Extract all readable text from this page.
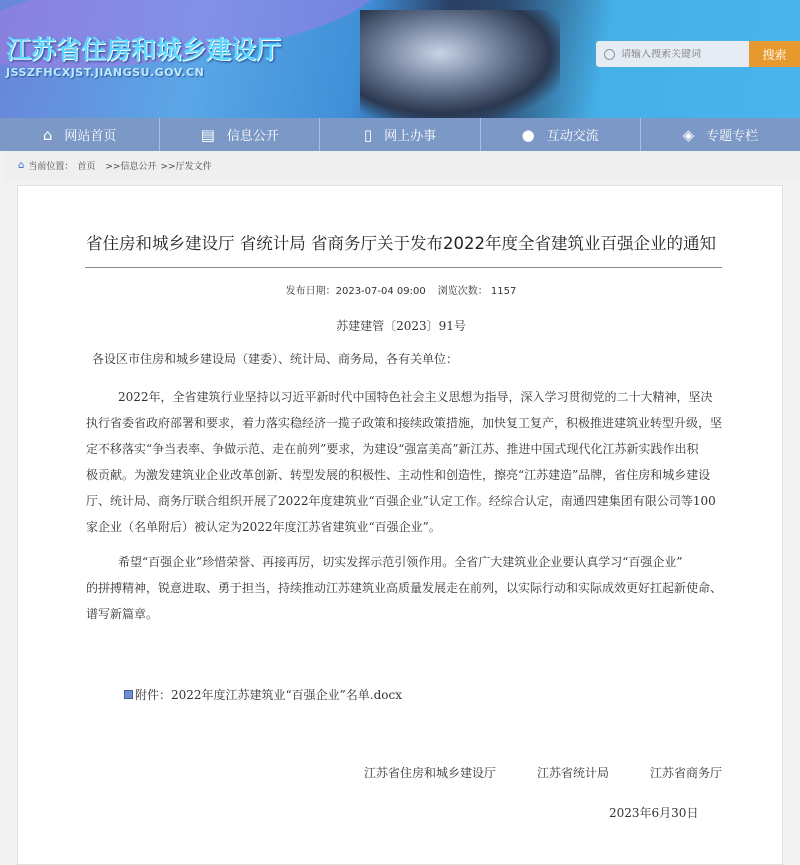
江苏省住房和城乡建设厅
JSSZFHCXJST.JIANGSU.GOV.CN
请输入搜索关键词
搜索
⌂ 网站首页	▤ 信息公开	▯ 网上办事	● 互动交流	◈ 专题专栏
⌂ 当前位置： 首页 >>信息公开 >>厅发文件
省住房和城乡建设厅 省统计局 省商务厅关于发布2022年度全省建筑业百强企业的通知
发布日期：2023-07-04 09:00 浏览次数： 1157
苏建建管〔2023〕91号
各设区市住房和城乡建设局（建委）、统计局、商务局，各有关单位：
2022年，全省建筑行业坚持以习近平新时代中国特色社会主义思想为指导，深入学习贯彻党的二十大精神，坚决
执行省委省政府部署和要求，着力落实稳经济一揽子政策和接续政策措施，加快复工复产，积极推进建筑业转型升级，坚
定不移落实“争当表率、争做示范、走在前列”要求，为建设“强富美高”新江苏、推进中国式现代化江苏新实践作出积
极贡献。为激发建筑业企业改革创新、转型发展的积极性、主动性和创造性，擦亮“江苏建造”品牌，省住房和城乡建设
厅、统计局、商务厅联合组织开展了2022年度建筑业“百强企业”认定工作。经综合认定，南通四建集团有限公司等100
家企业（名单附后）被认定为2022年度江苏省建筑业“百强企业”。
希望“百强企业”珍惜荣誉、再接再厉，切实发挥示范引领作用。全省广大建筑业企业要认真学习“百强企业”
的拼搏精神，锐意进取、勇于担当，持续推动江苏建筑业高质量发展走在前列，以实际行动和实际成效更好扛起新使命、
谱写新篇章。
附件：2022年度江苏建筑业“百强企业”名单.docx
江苏省住房和城乡建设厅	江苏省统计局	江苏省商务厅
2023年6月30日
